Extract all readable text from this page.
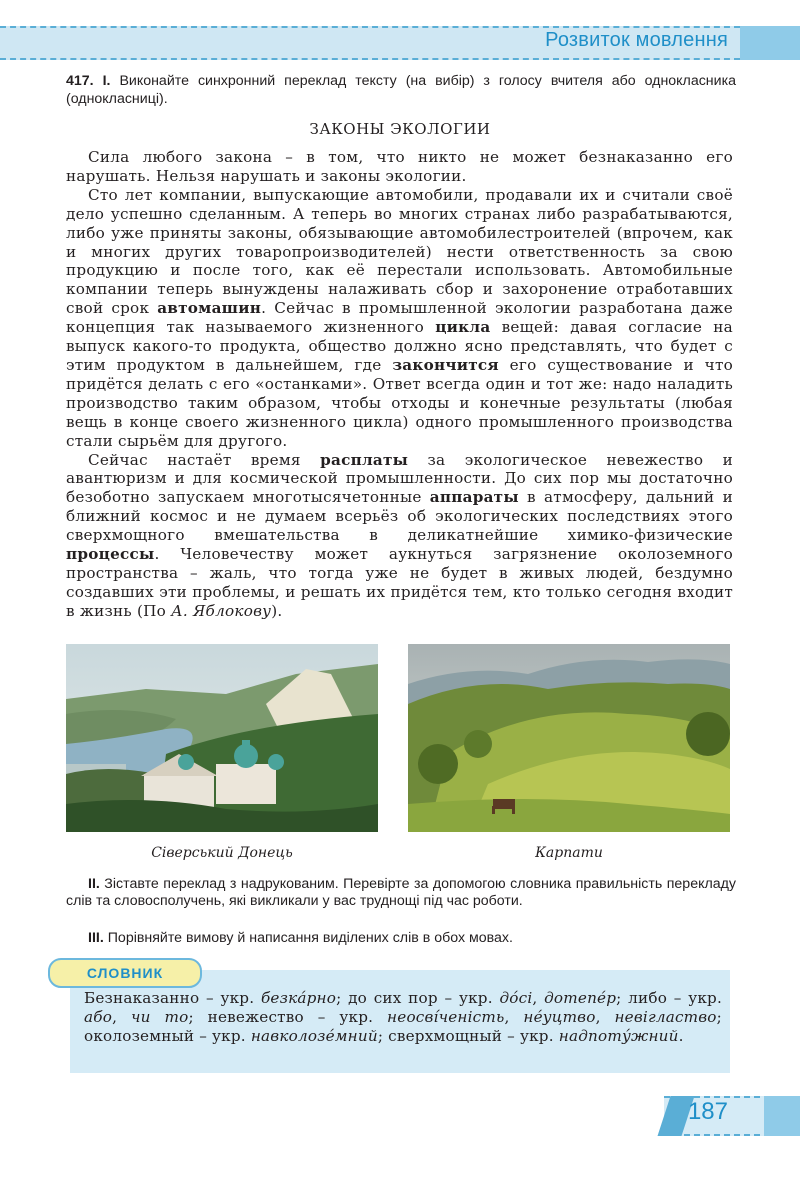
Розвиток мовлення
417. I. Виконайте синхронний переклад тексту (на вибір) з голосу вчителя або однокласника (однокласниці).
ЗАКОНЫ ЭКОЛОГИИ

Сила любого закона – в том, что никто не может безнаказанно его нарушать. Нельзя нарушать и законы экологии.

Сто лет компании, выпускающие автомобили, продавали их и считали своё дело успешно сделанным. А теперь во многих странах либо разрабатываются, либо уже приняты законы, обязывающие автомобилестроителей (впрочем, как и многих других товаропроизводителей) нести ответственность за свою продукцию и после того, как её перестали использовать. Автомобильные компании теперь вынуждены налаживать сбор и захоронение отработавших свой срок автомашин. Сейчас в промышленной экологии разработана даже концепция так называемого жизненного цикла вещей: давая согласие на выпуск какого-то продукта, общество должно ясно представлять, что будет с этим продуктом в дальнейшем, где закончится его существование и что придётся делать с его «останками». Ответ всегда один и тот же: надо наладить производство таким образом, чтобы отходы и конечные результаты (любая вещь в конце своего жизненного цикла) одного промышленного производства стали сырьём для другого.

Сейчас настаёт время расплаты за экологическое невежество и авантюризм и для космической промышленности. До сих пор мы достаточно безоботно запускаем многотысячетонные аппараты в атмосферу, дальний и ближний космос и не думаем всерьёз об экологических последствиях этого сверхмощного вмешательства в деликатнейшие химико-физические процессы. Человечеству может аукнуться загрязнение околоземного пространства – жаль, что тогда уже не будет в живых людей, бездумно создавших эти проблемы, и решать их придётся тем, кто только сегодня входит в жизнь (По А. Яблокову).

Сіверський Донець	Карпати
II. Зіставте переклад з надрукованим. Перевірте за допомогою словника правильність перекладу слів та словосполучень, які викликали у вас труднощі під час роботи.
III. Порівняйте вимову й написання виділених слів в обох мовах.
СЛОВНИК
Безнаказанно – укр. безка́рно; до сих пор – укр. до́сі, дотепе́р; либо – укр. або, чи то; невежество – укр. неосві́ченість, не́уцтво, невігластво; околоземный – укр. навколозе́мний; сверхмощный – укр. надпоту́жний.
187
